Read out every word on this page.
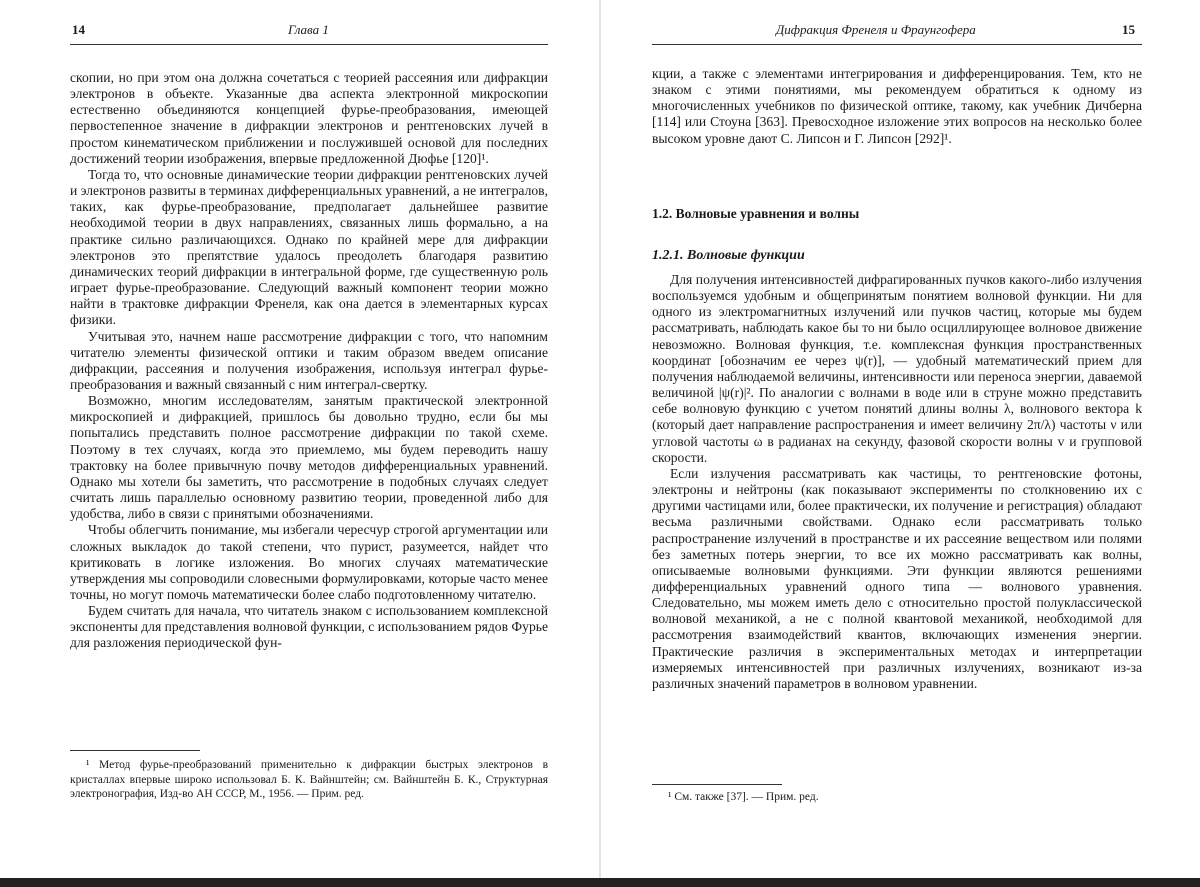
14	Глава 1

скопии, но при этом она должна сочетаться с теорией рассеяния или дифракции электронов в объекте. Указанные два аспекта электронной микроскопии естественно объединяются концепцией фурье-преобразования, имеющей первостепенное значение в дифракции электронов и рентгеновских лучей в простом кинематическом приближении и послужившей основой для последних достижений теории изображения, впервые предложенной Дюфье [120]¹.

Тогда то, что основные динамические теории дифракции рентгеновских лучей и электронов развиты в терминах дифференциальных уравнений, а не интегралов, таких, как фурье-преобразование, предполагает дальнейшее развитие необходимой теории в двух направлениях, связанных лишь формально, а на практике сильно различающихся. Однако по крайней мере для дифракции электронов это препятствие удалось преодолеть благодаря развитию динамических теорий дифракции в интегральной форме, где существенную роль играет фурье-преобразование. Следующий важный компонент теории можно найти в трактовке дифракции Френеля, как она дается в элементарных курсах физики.

Учитывая это, начнем наше рассмотрение дифракции с того, что напомним читателю элементы физической оптики и таким образом введем описание дифракции, рассеяния и получения изображения, используя интеграл фурье-преобразования и важный связанный с ним интеграл-свертку.

Возможно, многим исследователям, занятым практической электронной микроскопией и дифракцией, пришлось бы довольно трудно, если бы мы попытались представить полное рассмотрение дифракции по такой схеме. Поэтому в тех случаях, когда это приемлемо, мы будем переводить нашу трактовку на более привычную почву методов дифференциальных уравнений. Однако мы хотели бы заметить, что рассмотрение в подобных случаях следует считать лишь параллелью основному развитию теории, проведенной либо для удобства, либо в связи с принятыми обозначениями.

Чтобы облегчить понимание, мы избегали чересчур строгой аргументации или сложных выкладок до такой степени, что пурист, разумеется, найдет что критиковать в логике изложения. Во многих случаях математические утверждения мы сопроводили словесными формулировками, которые часто менее точны, но могут помочь математически более слабо подготовленному читателю.

Будем считать для начала, что читатель знаком с использованием комплексной экспоненты для представления волновой функции, с использованием рядов Фурье для разложения периодической фун-

¹ Метод фурье-преобразований применительно к дифракции быстрых электронов в кристаллах впервые широко использовал Б. К. Вайнштейн; см. Вайнштейн Б. К., Структурная электронография, Изд-во АН СССР, М., 1956. — Прим. ред.

Дифракция Френеля и Фраунгофера	15

кции, а также с элементами интегрирования и дифференцирования. Тем, кто не знаком с этими понятиями, мы рекомендуем обратиться к одному из многочисленных учебников по физической оптике, такому, как учебник Дичберна [114] или Стоуна [363]. Превосходное изложение этих вопросов на несколько более высоком уровне дают С. Липсон и Г. Липсон [292]¹.

1.2. Волновые уравнения и волны
1.2.1. Волновые функции

Для получения интенсивностей дифрагированных пучков какого-либо излучения воспользуемся удобным и общепринятым понятием волновой функции. Ни для одного из электромагнитных излучений или пучков частиц, которые мы будем рассматривать, наблюдать какое бы то ни было осциллирующее волновое движение невозможно. Волновая функция, т.е. комплексная функция пространственных координат [обозначим ее через ψ(r)], — удобный математический прием для получения наблюдаемой величины, интенсивности или переноса энергии, даваемой величиной |ψ(r)|². По аналогии с волнами в воде или в струне можно представить себе волновую функцию с учетом понятий длины волны λ, волнового вектора k (который дает направление распространения и имеет величину 2π/λ) частоты ν или угловой частоты ω в радианах на секунду, фазовой скорости волны v и групповой скорости.

Если излучения рассматривать как частицы, то рентгеновские фотоны, электроны и нейтроны (как показывают эксперименты по столкновению их с другими частицами или, более практически, их получение и регистрация) обладают весьма различными свойствами. Однако если рассматривать только распространение излучений в пространстве и их рассеяние веществом или полями без заметных потерь энергии, то все их можно рассматривать как волны, описываемые волновыми функциями. Эти функции являются решениями дифференциальных уравнений одного типа — волнового уравнения. Следовательно, мы можем иметь дело с относительно простой полуклассической волновой механикой, а не с полной квантовой механикой, необходимой для рассмотрения взаимодействий квантов, включающих изменения энергии. Практические различия в экспериментальных методах и интерпретации измеряемых интенсивностей при различных излучениях, возникают из-за различных значений параметров в волновом уравнении.

¹ См. также [37]. — Прим. ред.
